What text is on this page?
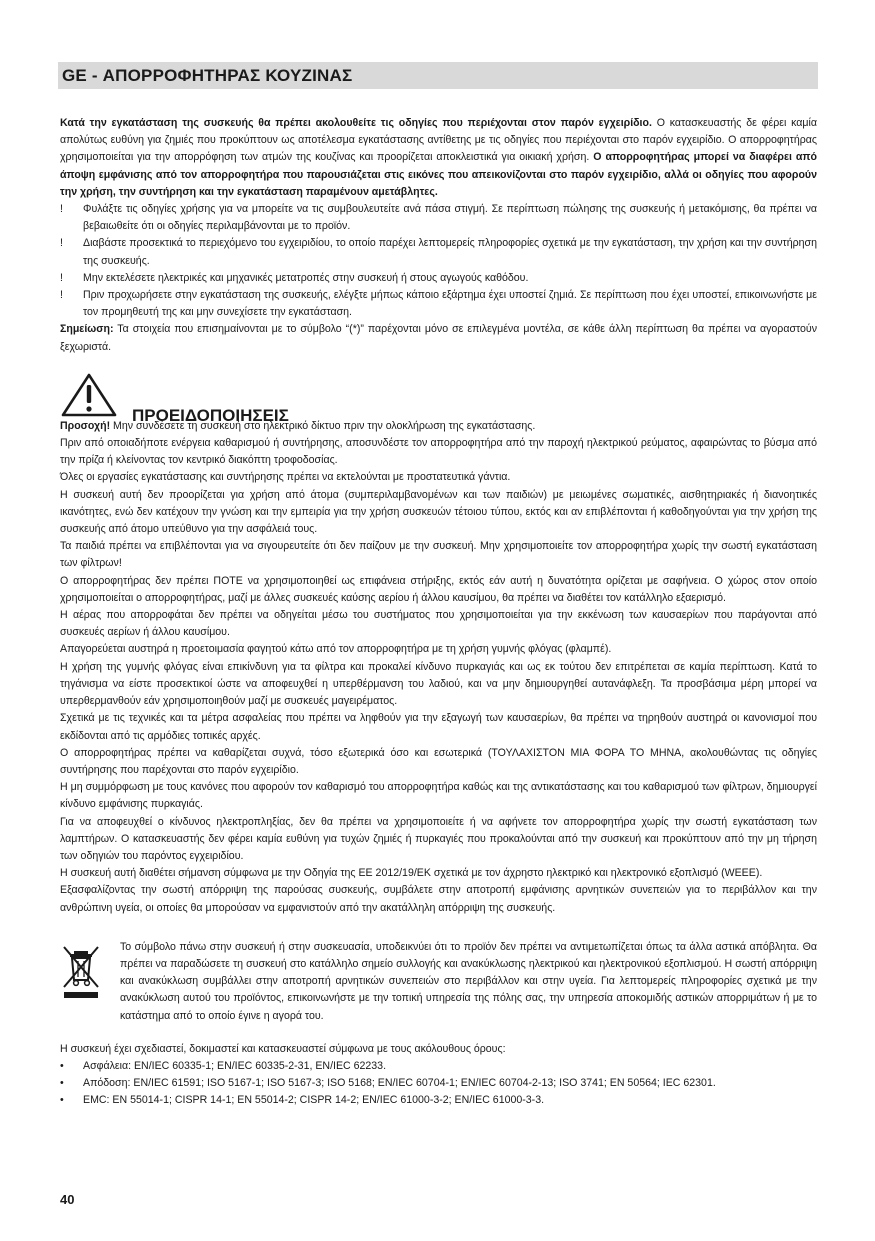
GE - ΑΠΟΡΡΟΦΗΤΗΡΑΣ ΚΟΥΖΙΝΑΣ

Κατά την εγκατάσταση της συσκευής θα πρέπει ακολουθείτε τις οδηγίες που περιέχονται στον παρόν εγχειρίδιο. Ο κατασκευαστής δε φέρει καμία απολύτως ευθύνη για ζημιές που προκύπτουν ως αποτέλεσμα εγκατάστασης αντίθετης με τις οδηγίες που περιέχονται στο παρόν εγχειρίδιο. Ο απορροφητήρας χρησιμοποιείται για την απορρόφηση των ατμών της κουζίνας και προορίζεται αποκλειστικά για οικιακή χρήση. Ο απορροφητήρας μπορεί να διαφέρει από άποψη εμφάνισης από τον απορροφητήρα που παρουσιάζεται στις εικόνες που απεικονίζονται στο παρόν εγχειρίδιο, αλλά οι οδηγίες που αφορούν την χρήση, την συντήρηση και την εγκατάσταση παραμένουν αμετάβλητες.

!	Φυλάξτε τις οδηγίες χρήσης για να μπορείτε να τις συμβουλευτείτε ανά πάσα στιγμή. Σε περίπτωση πώλησης της συσκευής ή μετακόμισης, θα πρέπει να βεβαιωθείτε ότι οι οδηγίες περιλαμβάνονται με το προϊόν.
!	Διαβάστε προσεκτικά το περιεχόμενο του εγχειριδίου, το οποίο παρέχει λεπτομερείς πληροφορίες σχετικά με την εγκατάσταση, την χρήση και την συντήρηση της συσκευής.
!	Μην εκτελέσετε ηλεκτρικές και μηχανικές μετατροπές στην συσκευή ή στους αγωγούς καθόδου.
!	Πριν προχωρήσετε στην εγκατάσταση της συσκευής, ελέγξτε μήπως κάποιο εξάρτημα έχει υποστεί ζημιά. Σε περίπτωση που έχει υποστεί, επικοινωνήστε με τον προμηθευτή της και μην συνεχίσετε την εγκατάσταση.

Σημείωση: Τα στοιχεία που επισημαίνονται με το σύμβολο “(*)” παρέχονται μόνο σε επιλεγμένα μοντέλα, σε κάθε άλλη περίπτωση θα πρέπει να αγοραστούν ξεχωριστά.

ΠΡΟΕΙΔΟΠΟΙΗΣΕΙΣ

Προσοχή! Μην συνδέσετε τη συσκευή στο ηλεκτρικό δίκτυο πριν την ολοκλήρωση της εγκατάστασης.

Πριν από οποιαδήποτε ενέργεια καθαρισμού ή συντήρησης, αποσυνδέστε τον απορροφητήρα από την παροχή ηλεκτρικού ρεύματος, αφαιρώντας το βύσμα από την πρίζα ή κλείνοντας τον κεντρικό διακόπτη τροφοδοσίας.

Όλες οι εργασίες εγκατάστασης και συντήρησης πρέπει να εκτελούνται με προστατευτικά γάντια.

Η συσκευή αυτή δεν προορίζεται για χρήση από άτομα (συμπεριλαμβανομένων και των παιδιών) με μειωμένες σωματικές, αισθητηριακές ή διανοητικές ικανότητες, ενώ δεν κατέχουν την γνώση και την εμπειρία για την χρήση συσκευών τέτοιου τύπου, εκτός και αν επιβλέπονται ή καθοδηγούνται για την χρήση της συσκευής από άτομο υπεύθυνο για την ασφάλειά τους.

Τα παιδιά πρέπει να επιβλέπονται για να σιγουρευτείτε ότι δεν παίζουν με την συσκευή. Μην χρησιμοποιείτε τον απορροφητήρα χωρίς την σωστή εγκατάσταση των φίλτρων!

Ο απορροφητήρας δεν πρέπει ΠΟΤΕ να χρησιμοποιηθεί ως επιφάνεια στήριξης, εκτός εάν αυτή η δυνατότητα ορίζεται με σαφήνεια. Ο χώρος στον οποίο χρησιμοποιείται ο απορροφητήρας, μαζί με άλλες συσκευές καύσης αερίου ή άλλου καυσίμου, θα πρέπει να διαθέτει τον κατάλληλο εξαερισμό.

Η αέρας που απορροφάται δεν πρέπει να οδηγείται μέσω του συστήματος που χρησιμοποιείται για την εκκένωση των καυσαερίων που παράγονται από συσκευές αερίων ή άλλου καυσίμου.

Απαγορεύεται αυστηρά η προετοιμασία φαγητού κάτω από τον απορροφητήρα με τη χρήση γυμνής φλόγας (φλαμπέ).

Η χρήση της γυμνής φλόγας είναι επικίνδυνη για τα φίλτρα και προκαλεί κίνδυνο πυρκαγιάς και ως εκ τούτου δεν επιτρέπεται σε καμία περίπτωση. Κατά το τηγάνισμα να είστε προσεκτικοί ώστε να αποφευχθεί η υπερθέρμανση του λαδιού, και να μην δημιουργηθεί αυτανάφλεξη. Τα προσβάσιμα μέρη μπορεί να υπερθερμανθούν εάν χρησιμοποιηθούν μαζί με συσκευές μαγειρέματος.

Σχετικά με τις τεχνικές και τα μέτρα ασφαλείας που πρέπει να ληφθούν για την εξαγωγή των καυσαερίων, θα πρέπει να τηρηθούν αυστηρά οι κανονισμοί που εκδίδονται από τις αρμόδιες τοπικές αρχές.

Ο απορροφητήρας πρέπει να καθαρίζεται συχνά, τόσο εξωτερικά όσο και εσωτερικά (ΤΟΥΛΑΧΙΣΤΟΝ ΜΙΑ ΦΟΡΑ ΤΟ ΜΗΝΑ, ακολουθώντας τις οδηγίες συντήρησης που παρέχονται στο παρόν εγχειρίδιο.

Η μη συμμόρφωση με τους κανόνες που αφορούν τον καθαρισμό του απορροφητήρα καθώς και της αντικατάστασης και του καθαρισμού των φίλτρων, δημιουργεί κίνδυνο εμφάνισης πυρκαγιάς.

Για να αποφευχθεί ο κίνδυνος ηλεκτροπληξίας, δεν θα πρέπει να χρησιμοποιείτε ή να αφήνετε τον απορροφητήρα χωρίς την σωστή εγκατάσταση των λαμπτήρων. Ο κατασκευαστής δεν φέρει καμία ευθύνη για τυχών ζημιές ή πυρκαγιές που προκαλούνται από την συσκευή και προκύπτουν από την μη τήρηση των οδηγιών του παρόντος εγχειριδίου.

Η συσκευή αυτή διαθέτει σήμανση σύμφωνα με την Οδηγία της ΕΕ 2012/19/ΕΚ σχετικά με τον άχρηστο ηλεκτρικό και ηλεκτρονικό εξοπλισμό (WEEE).

Εξασφαλίζοντας την σωστή απόρριψη της παρούσας συσκευής, συμβάλετε στην αποτροπή εμφάνισης αρνητικών συνεπειών για το περιβάλλον και την ανθρώπινη υγεία, οι οποίες θα μπορούσαν να εμφανιστούν από την ακατάλληλη απόρριψη της συσκευής.

Το σύμβολο πάνω στην συσκευή ή στην συσκευασία, υποδεικνύει ότι το προϊόν δεν πρέπει να αντιμετωπίζεται όπως τα άλλα αστικά απόβλητα. Θα πρέπει να παραδώσετε τη συσκευή στο κατάλληλο σημείο συλλογής και ανακύκλωσης ηλεκτρικού και ηλεκτρονικού εξοπλισμού. Η σωστή απόρριψη και ανακύκλωση συμβάλλει στην αποτροπή αρνητικών συνεπειών στο περιβάλλον και στην υγεία. Για λεπτομερείς πληροφορίες σχετικά με την ανακύκλωση αυτού του προϊόντος, επικοινωνήστε με την τοπική υπηρεσία της πόλης σας, την υπηρεσία αποκομιδής αστικών απορριμάτων ή με το κατάστημα από το οποίο έγινε η αγορά του.

Η συσκευή έχει σχεδιαστεί, δοκιμαστεί και κατασκευαστεί σύμφωνα με τους ακόλουθους όρους:

•	Ασφάλεια: EN/IEC 60335-1; EN/IEC 60335-2-31, EN/IEC 62233.
•	Απόδοση: EN/IEC 61591; ISO 5167-1; ISO 5167-3; ISO 5168; EN/IEC 60704-1; EN/IEC 60704-2-13; ISO 3741; EN 50564; IEC 62301.
•	EMC: EN 55014-1; CISPR 14-1; EN 55014-2; CISPR 14-2; EN/IEC 61000-3-2; EN/IEC 61000-3-3.
40
